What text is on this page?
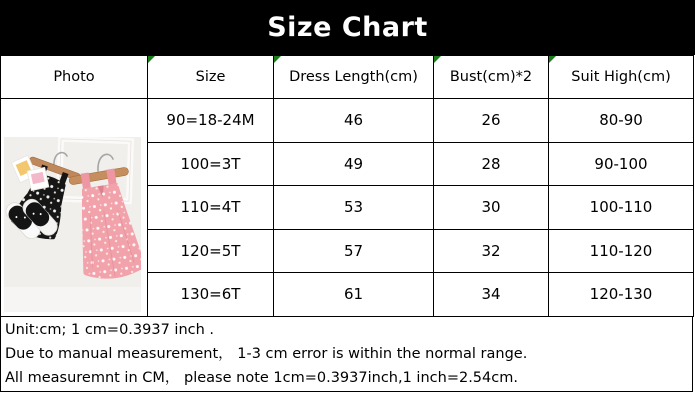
Size Chart
Photo	Size	Dress Length(cm)	Bust(cm)*2	Suit High(cm)

	90=18-24M	46	26	80-90
	100=3T	49	28	90-100
	110=4T	53	30	100-110
	120=5T	57	32	110-120
	130=6T	61	34	120-130
Unit:cm; 1 cm=0.3937 inch .
Due to manual measurement， 1-3 cm error is within the normal range.
All measuremnt in CM， please note 1cm=0.3937inch,1 inch=2.54cm.
